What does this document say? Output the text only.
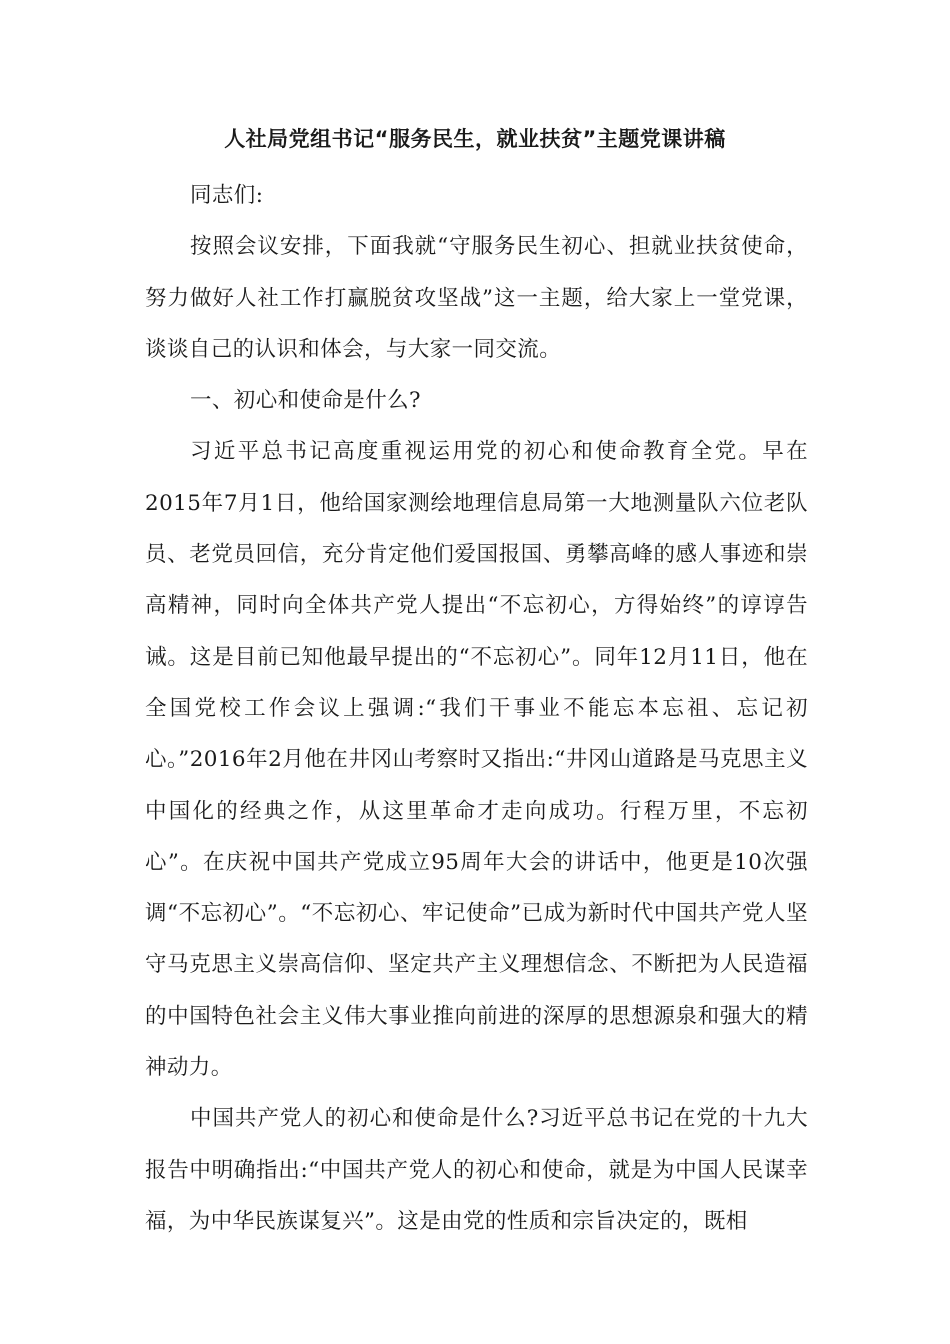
人社局党组书记“服务民生，就业扶贫”主题党课讲稿

同志们:

按照会议安排，下面我就“守服务民生初心、担就业扶贫使命，努力做好人社工作打赢脱贫攻坚战”这一主题，给大家上一堂党课，谈谈自己的认识和体会，与大家一同交流。

一、初心和使命是什么?

习近平总书记高度重视运用党的初心和使命教育全党。早在2015年7月1日，他给国家测绘地理信息局第一大地测量队六位老队员、老党员回信，充分肯定他们爱国报国、勇攀高峰的感人事迹和崇高精神，同时向全体共产党人提出“不忘初心，方得始终”的谆谆告诫。这是目前已知他最早提出的“不忘初心”。同年12月11日，他在全国党校工作会议上强调:“我们干事业不能忘本忘祖、忘记初心。”2016年2月他在井冈山考察时又指出:“井冈山道路是马克思主义中国化的经典之作，从这里革命才走向成功。行程万里，不忘初心”。在庆祝中国共产党成立95周年大会的讲话中，他更是10次强调“不忘初心”。“不忘初心、牢记使命”已成为新时代中国共产党人坚守马克思主义崇高信仰、坚定共产主义理想信念、不断把为人民造福的中国特色社会主义伟大事业推向前进的深厚的思想源泉和强大的精神动力。

中国共产党人的初心和使命是什么?习近平总书记在党的十九大报告中明确指出:“中国共产党人的初心和使命，就是为中国人民谋幸福，为中华民族谋复兴”。这是由党的性质和宗旨决定的，既相
